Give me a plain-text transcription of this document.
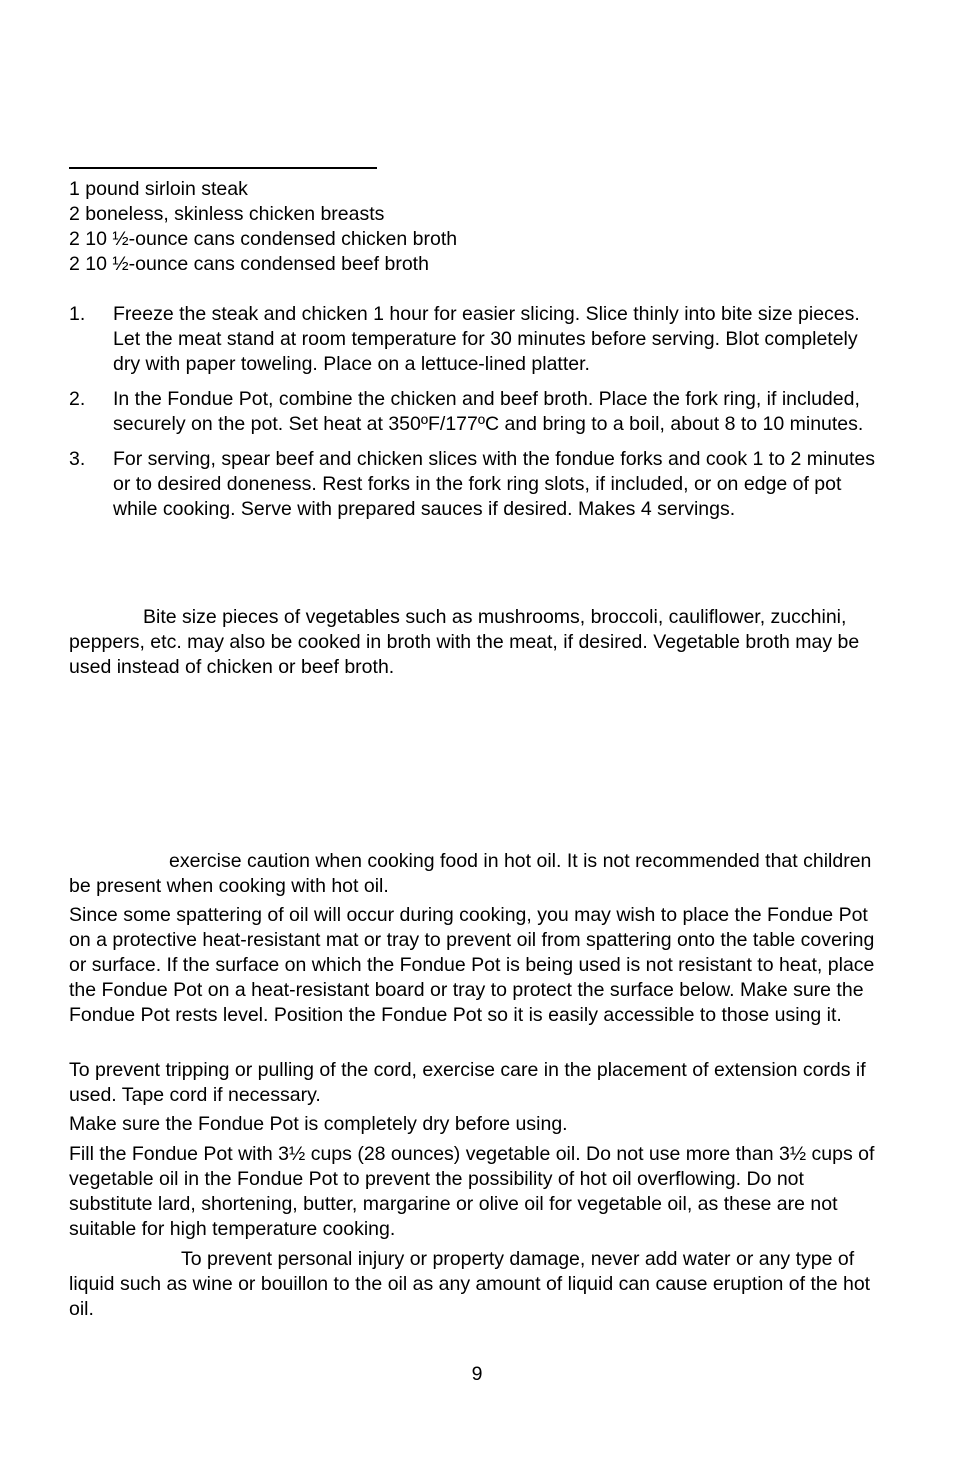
1 pound sirloin steak
2 boneless, skinless chicken breasts
2 10 ½-ounce cans condensed chicken broth
2 10 ½-ounce cans condensed beef broth
1.	Freeze the steak and chicken 1 hour for easier slicing. Slice thinly into bite size pieces. Let the meat stand at room temperature for 30 minutes before serving. Blot completely dry with paper toweling. Place on a lettuce-lined platter.
2.	In the Fondue Pot, combine the chicken and beef broth. Place the fork ring, if included, securely on the pot. Set heat at 350ºF/177ºC and bring to a boil, about 8 to 10 minutes.
3.	For serving, spear beef and chicken slices with the fondue forks and cook 1 to 2 minutes or to desired doneness. Rest forks in the fork ring slots, if included, or on edge of pot while cooking. Serve with prepared sauces if desired. Makes 4 servings.
Bite size pieces of vegetables such as mushrooms, broccoli, cauliflower, zucchini, peppers, etc. may also be cooked in broth with the meat, if desired. Vegetable broth may be used instead of chicken or beef broth.
exercise caution when cooking food in hot oil. It is not recommended that children be present when cooking with hot oil.
Since some spattering of oil will occur during cooking, you may wish to place the Fondue Pot on a protective heat-resistant mat or tray to prevent oil from spattering onto the table covering or surface. If the surface on which the Fondue Pot is being used is not resistant to heat, place the Fondue Pot on a heat-resistant board or tray to protect the surface below. Make sure the Fondue Pot rests level. Position the Fondue Pot so it is easily accessible to those using it.
To prevent tripping or pulling of the cord, exercise care in the placement of extension cords if used. Tape cord if necessary.
Make sure the Fondue Pot is completely dry before using.
Fill the Fondue Pot with 3½ cups (28 ounces) vegetable oil. Do not use more than 3½ cups of vegetable oil in the Fondue Pot to prevent the possibility of hot oil overflowing. Do not substitute lard, shortening, butter, margarine or olive oil for vegetable oil, as these are not suitable for high temperature cooking.
To prevent personal injury or property damage, never add water or any type of liquid such as wine or bouillon to the oil as any amount of liquid can cause eruption of the hot oil.
9
